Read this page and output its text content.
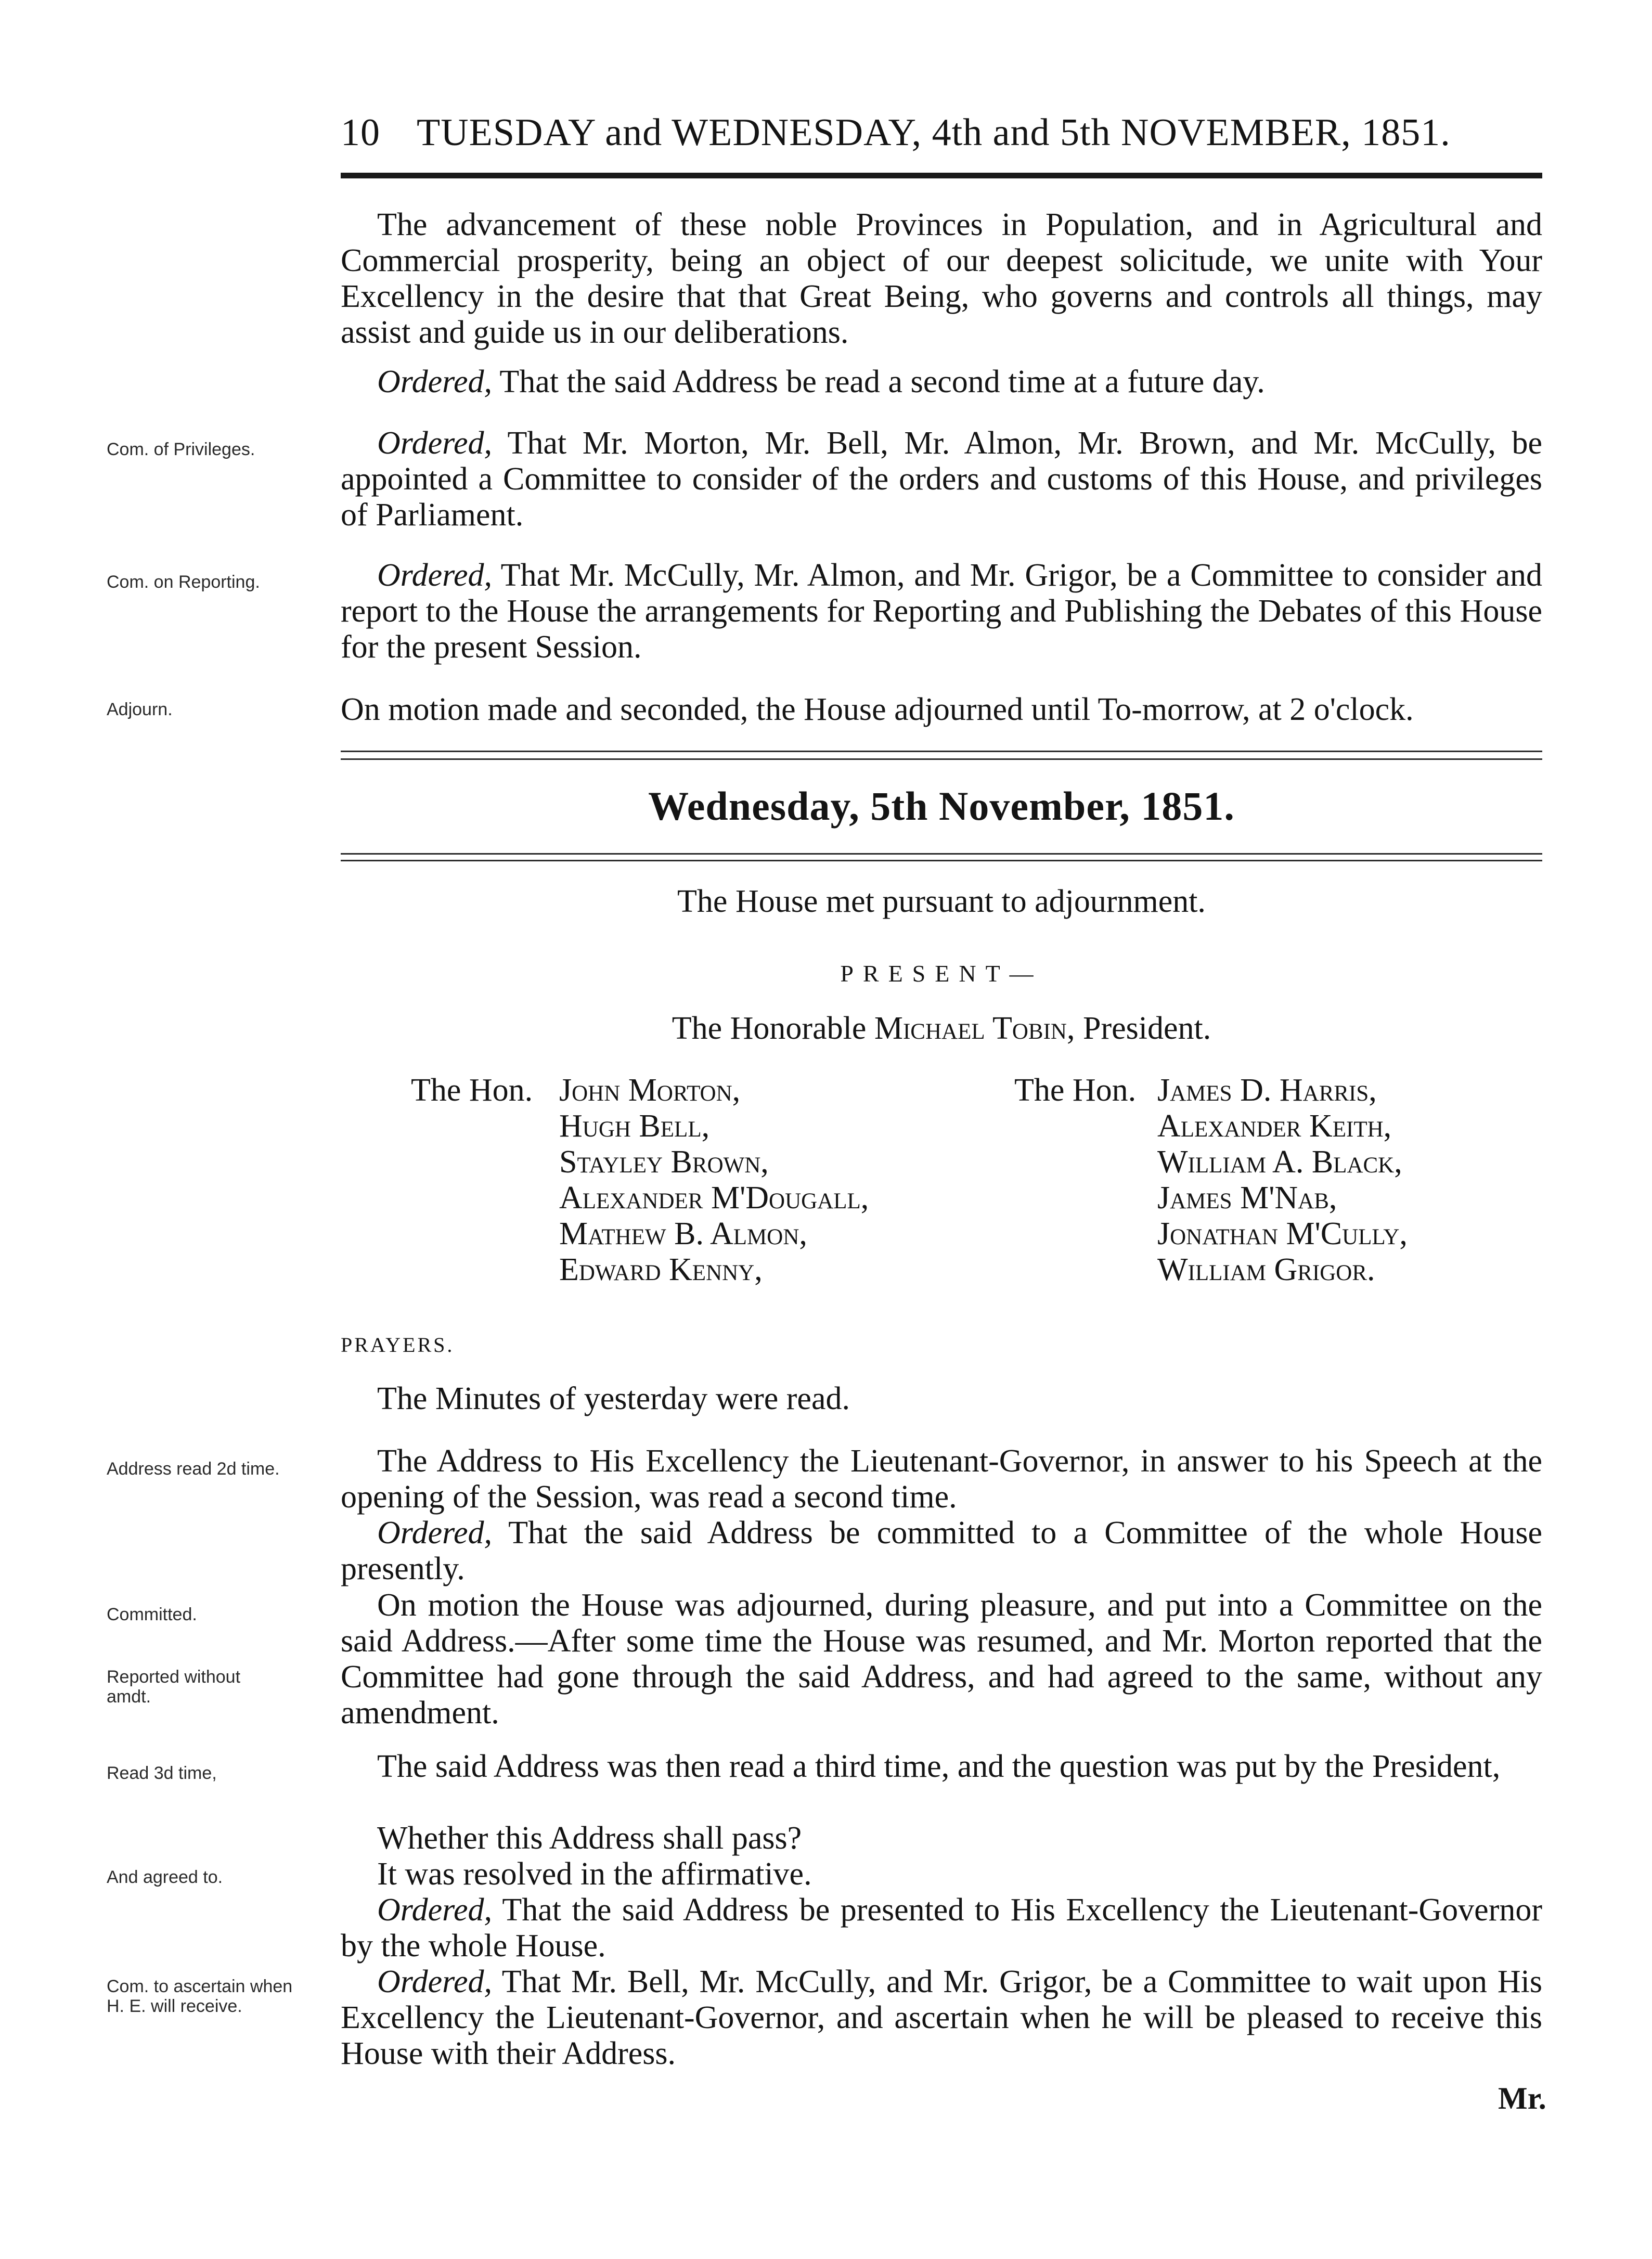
10 TUESDAY and WEDNESDAY, 4th and 5th NOVEMBER, 1851.
The advancement of these noble Provinces in Population, and in Agricultural and Commercial prosperity, being an object of our deepest solicitude, we unite with Your Excellency in the desire that that Great Being, who governs and controls all things, may assist and guide us in our deliberations.
Ordered, That the said Address be read a second time at a future day.
Com. of Privileges.	Ordered, That Mr. Morton, Mr. Bell, Mr. Almon, Mr. Brown, and Mr. McCully, be appointed a Committee to consider of the orders and customs of this House, and privileges of Parliament.
Com. on Reporting.	Ordered, That Mr. McCully, Mr. Almon, and Mr. Grigor, be a Committee to consider and report to the House the arrangements for Reporting and Publishing the Debates of this House for the present Session.
Adjourn.	On motion made and seconded, the House adjourned until To-morrow, at 2 o'clock.
Wednesday, 5th November, 1851.
The House met pursuant to adjournment.
PRESENT—
The Honorable Michael Tobin, President.
The Hon. John Morton,
Hugh Bell,
Stayley Brown,
Alexander M'Dougall,
Mathew B. Almon,
Edward Kenny,
The Hon. James D. Harris,
Alexander Keith,
William A. Black,
James M'Nab,
Jonathan M'Cully,
William Grigor.
PRAYERS.
The Minutes of yesterday were read.
Address read 2d time.	The Address to His Excellency the Lieutenant-Governor, in answer to his Speech at the opening of the Session, was read a second time.
Ordered, That the said Address be committed to a Committee of the whole House presently.
Committed.
Reported without amdt.
On motion the House was adjourned, during pleasure, and put into a Committee on the said Address.—After some time the House was resumed, and Mr. Morton reported that the Committee had gone through the said Address, and had agreed to the same, without any amendment.
Read 3d time,	The said Address was then read a third time, and the question was put by the President,
Whether this Address shall pass?
And agreed to.	It was resolved in the affirmative.
Ordered, That the said Address be presented to His Excellency the Lieutenant-Governor by the whole House.
Com. to ascertain when H. E. will receive.
Ordered, That Mr. Bell, Mr. McCully, and Mr. Grigor, be a Committee to wait upon His Excellency the Lieutenant-Governor, and ascertain when he will be pleased to receive this House with their Address.
Mr.
